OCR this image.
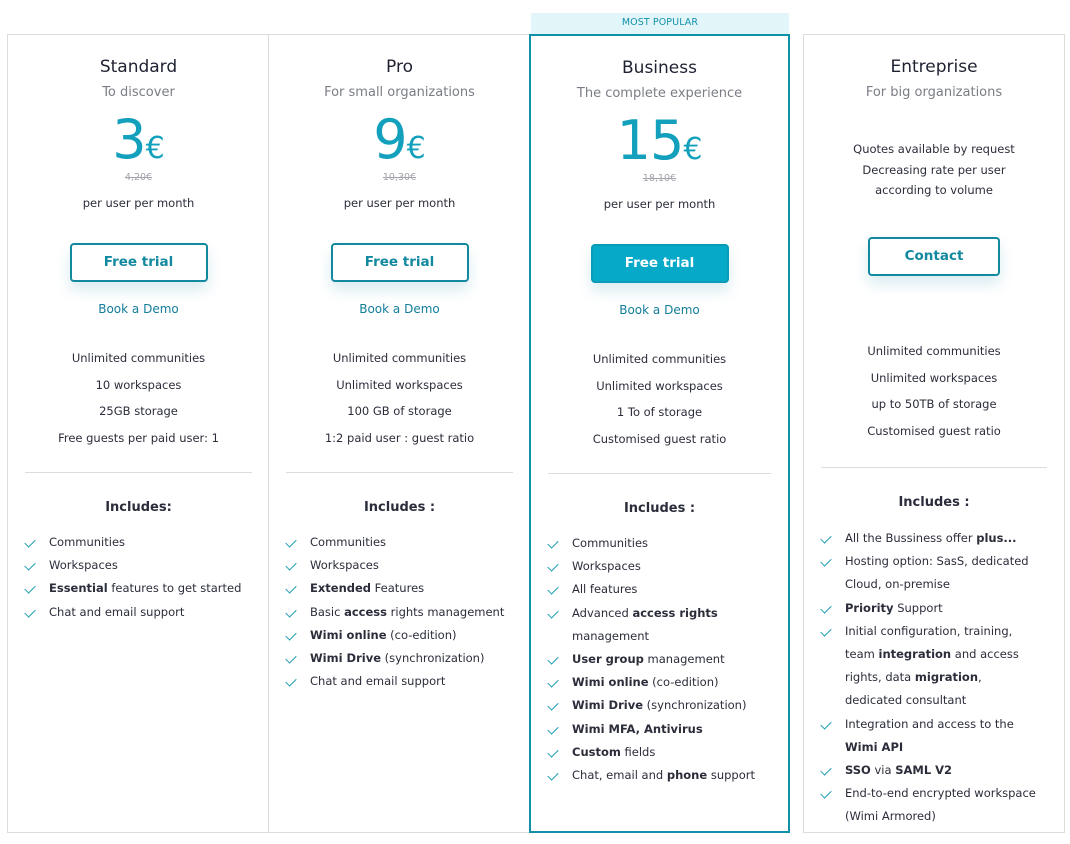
MOST POPULAR
Standard
To discover
3€
4,20€
per user per month
Free trial
Book a Demo
Unlimited communities
10 workspaces
25GB storage
Free guests per paid user: 1
Includes:
Communities
Workspaces
Essential features to get started
Chat and email support
Pro
For small organizations
9€
10,30€
per user per month
Free trial
Book a Demo
Unlimited communities
Unlimited workspaces
100 GB of storage
1:2 paid user : guest ratio
Includes :
Communities
Workspaces
Extended Features
Basic access rights management
Wimi online (co-edition)
Wimi Drive (synchronization)
Chat and email support
Business
The complete experience
15€
18,10€
per user per month
Free trial
Book a Demo
Unlimited communities
Unlimited workspaces
1 To of storage
Customised guest ratio
Includes :
Communities
Workspaces
All features
Advanced access rights management
User group management
Wimi online (co-edition)
Wimi Drive (synchronization)
Wimi MFA, Antivirus
Custom fields
Chat, email and phone support
Entreprise
For big organizations
Quotes available by request
Decreasing rate per user
according to volume
Contact
Unlimited communities
Unlimited workspaces
up to 50TB of storage
Customised guest ratio
Includes :
All the Bussiness offer plus...
Hosting option: SasS, dedicated Cloud, on-premise
Priority Support
Initial configuration, training, team integration and access rights, data migration, dedicated consultant
Integration and access to the Wimi API
SSO via SAML V2
End-to-end encrypted workspace (Wimi Armored)
